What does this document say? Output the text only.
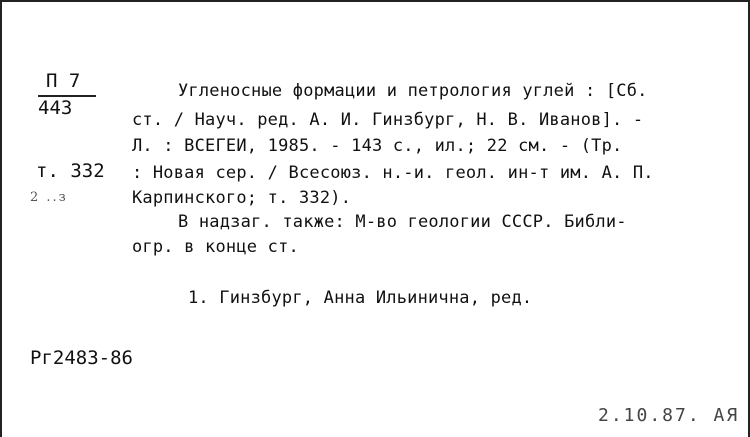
П 7
443
т. 332
2 ..з
Угленосные формации и петрология углей : [Сб.
ст. / Науч. ред. А. И. Гинзбург, Н. В. Иванов]. -
Л. : ВСЕГЕИ, 1985. - 143 с., ил.; 22 см. - (Тр.
: Новая сер. / Всесоюз. н.-и. геол. ин-т им. А. П.
Карпинского; т. 332).
В надзаг. также: М-во геологии СССР. Библи-
огр. в конце ст.
1. Гинзбург, Анна Ильинична, ред.
Рг2483-86
2.10.87. АЯ
